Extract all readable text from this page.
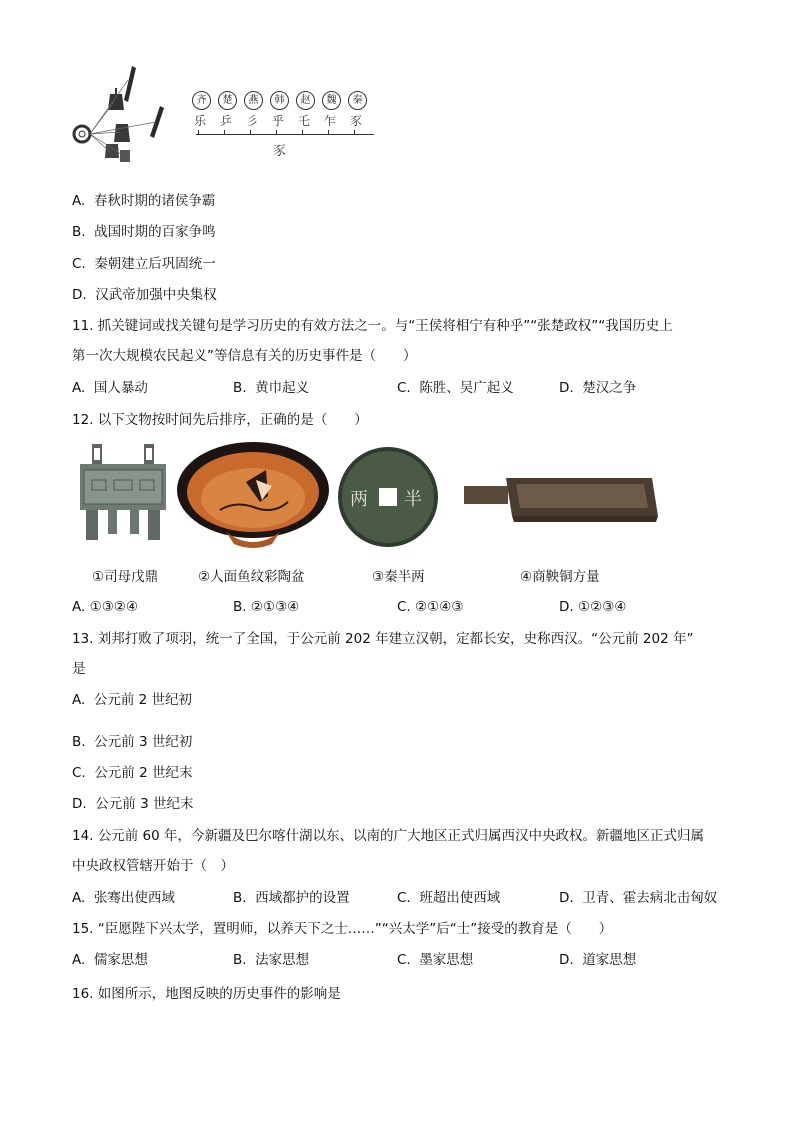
齐	楚	燕	韩	赵	魏	秦
乐 乒 彡 乎 乇 乍 豕
豕
A. 春秋时期的诸侯争霸
B. 战国时期的百家争鸣
C. 秦朝建立后巩固统一
D. 汉武帝加强中央集权
11. 抓关键词或找关键句是学习历史的有效方法之一。与“王侯将相宁有种乎”“张楚政权”“我国历史上
第一次大规模农民起义”等信息有关的历史事件是（　　）
A. 国人暴动	B. 黄巾起义	C. 陈胜、吴广起义	D. 楚汉之争
12. 以下文物按时间先后排序，正确的是（　　）
两 半
①司母戊鼎	②人面鱼纹彩陶盆	③秦半两	④商鞅铜方量
A. ①③②④	B. ②①③④	C. ②①④③	D. ①②③④
13. 刘邦打败了项羽，统一了全国，于公元前 202 年建立汉朝，定都长安，史称西汉。“公元前 202 年”
是
A. 公元前 2 世纪初
B. 公元前 3 世纪初
C. 公元前 2 世纪末
D. 公元前 3 世纪末
14. 公元前 60 年，今新疆及巴尔喀什湖以东、以南的广大地区正式归属西汉中央政权。新疆地区正式归属
中央政权管辖开始于（　）
A. 张骞出使西域	B. 西域都护的设置	C. 班超出使西域	D. 卫青、霍去病北击匈奴
15. “臣愿陛下兴太学，置明师，以养天下之士……”“兴太学”后“士”接受的教育是（　　）
A. 儒家思想	B. 法家思想	C. 墨家思想	D. 道家思想
16. 如图所示，地图反映的历史事件的影响是
